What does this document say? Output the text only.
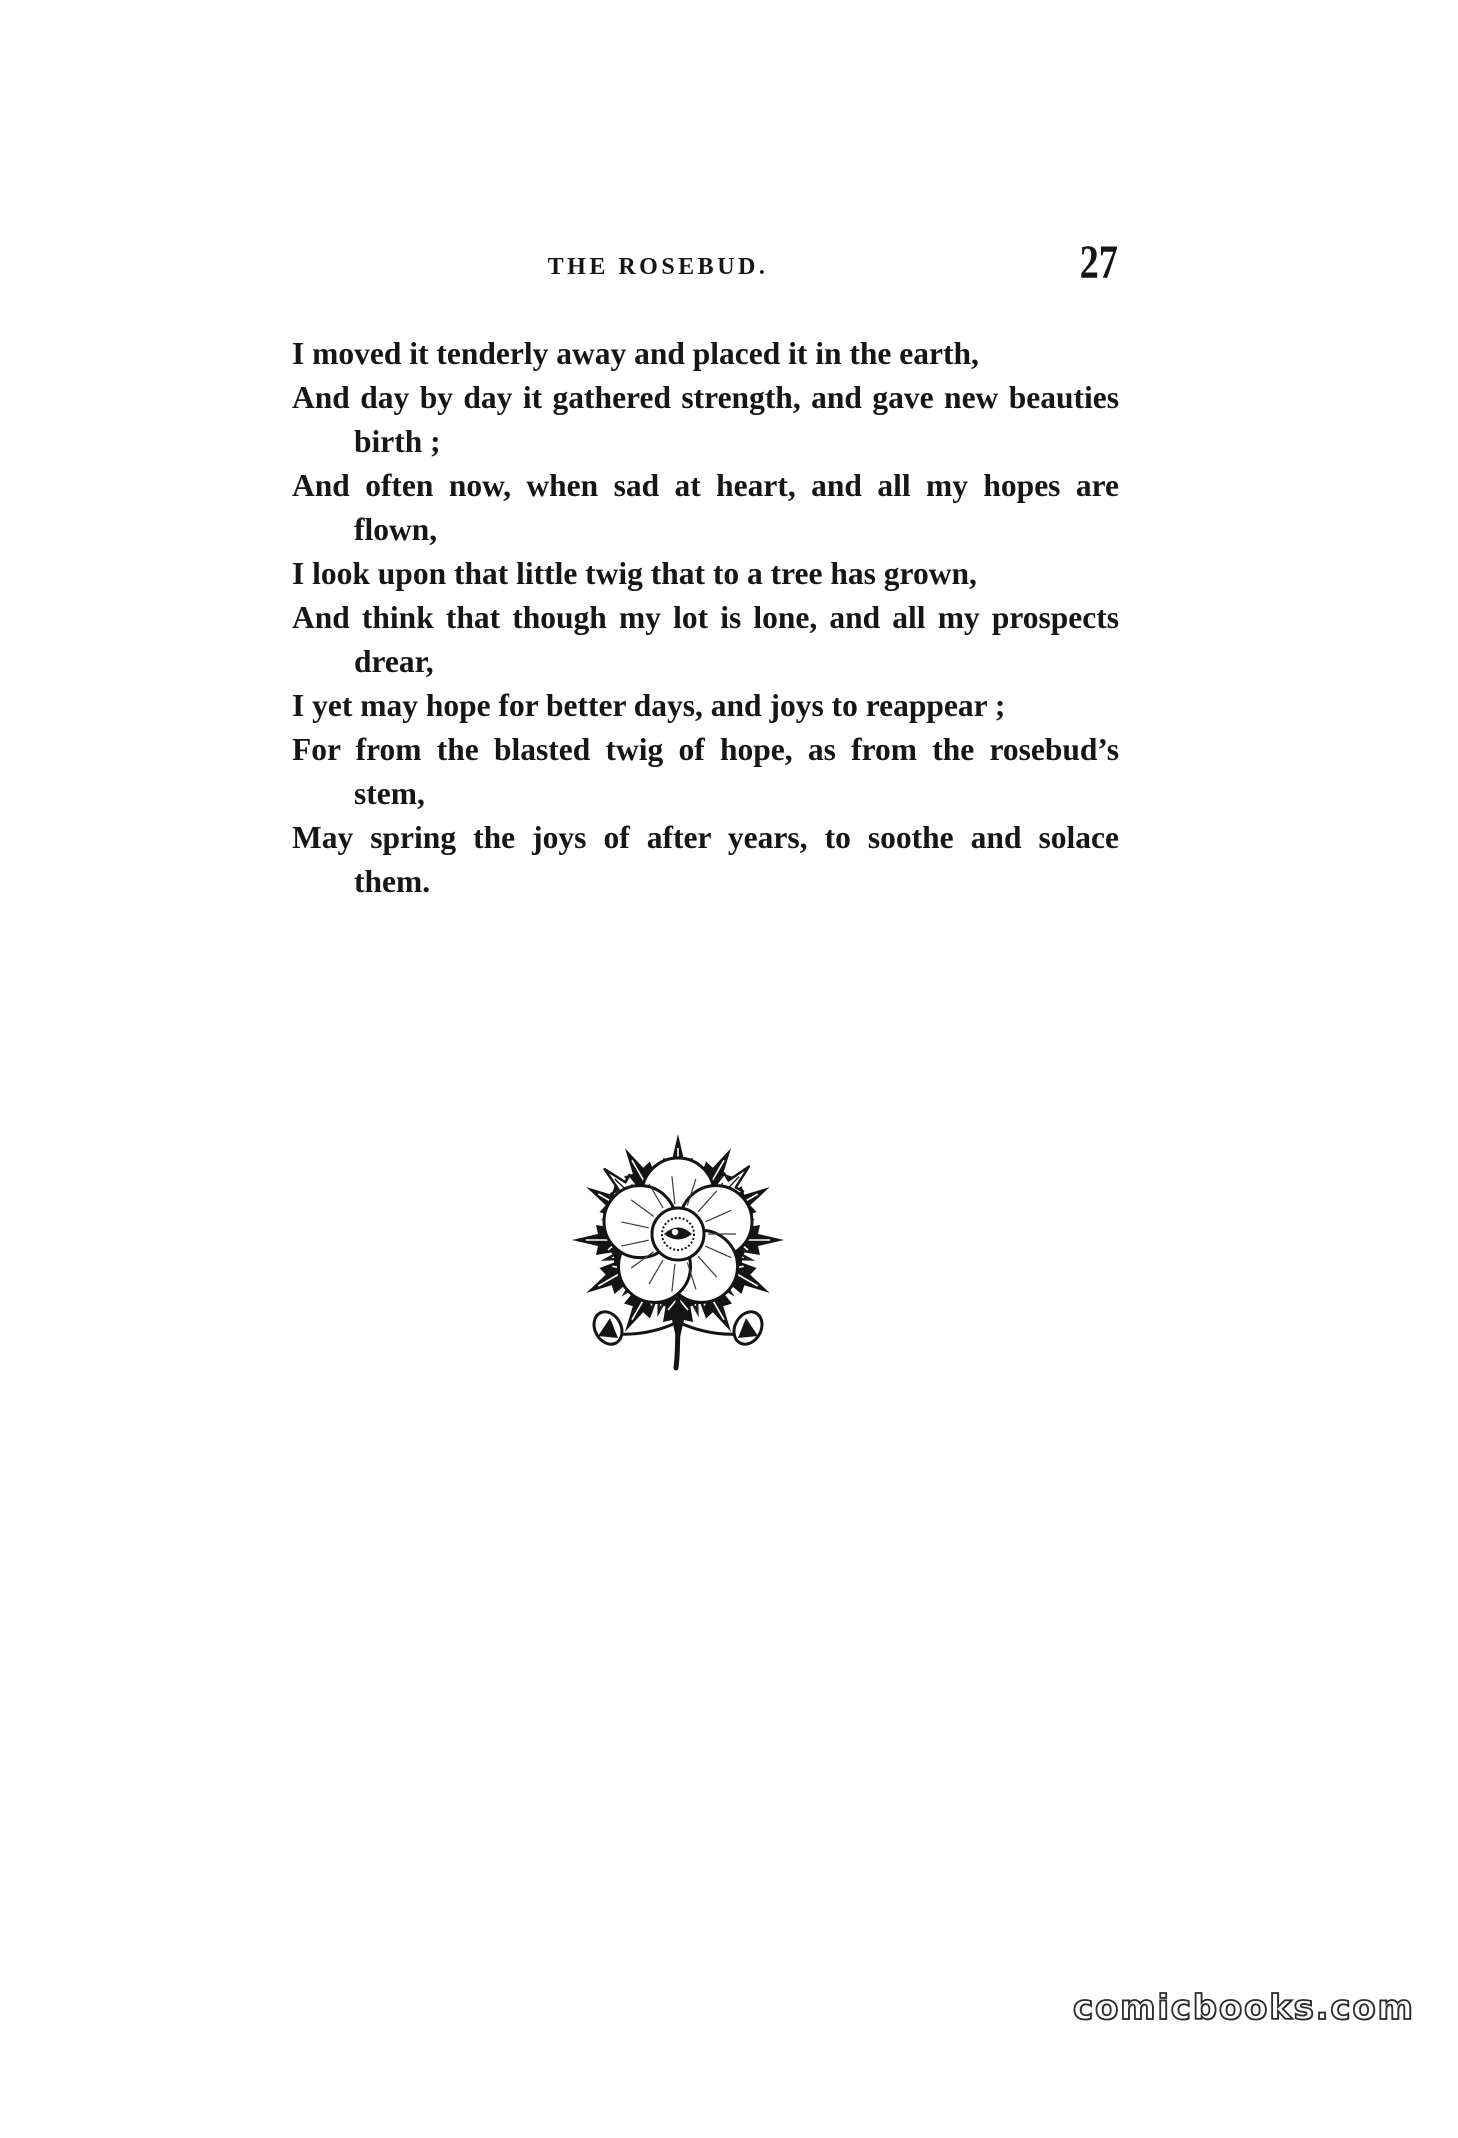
THE ROSEBUD.	27
I moved it tenderly away and placed it in the earth,
And day by day it gathered strength, and gave new beauties
birth ;
And often now, when sad at heart, and all my hopes are
flown,
I look upon that little twig that to a tree has grown,
And think that though my lot is lone, and all my prospects
drear,
I yet may hope for better days, and joys to reappear ;
For from the blasted twig of hope, as from the rosebud’s
stem,
May spring the joys of after years, to soothe and solace
them.
comicbooks.com
